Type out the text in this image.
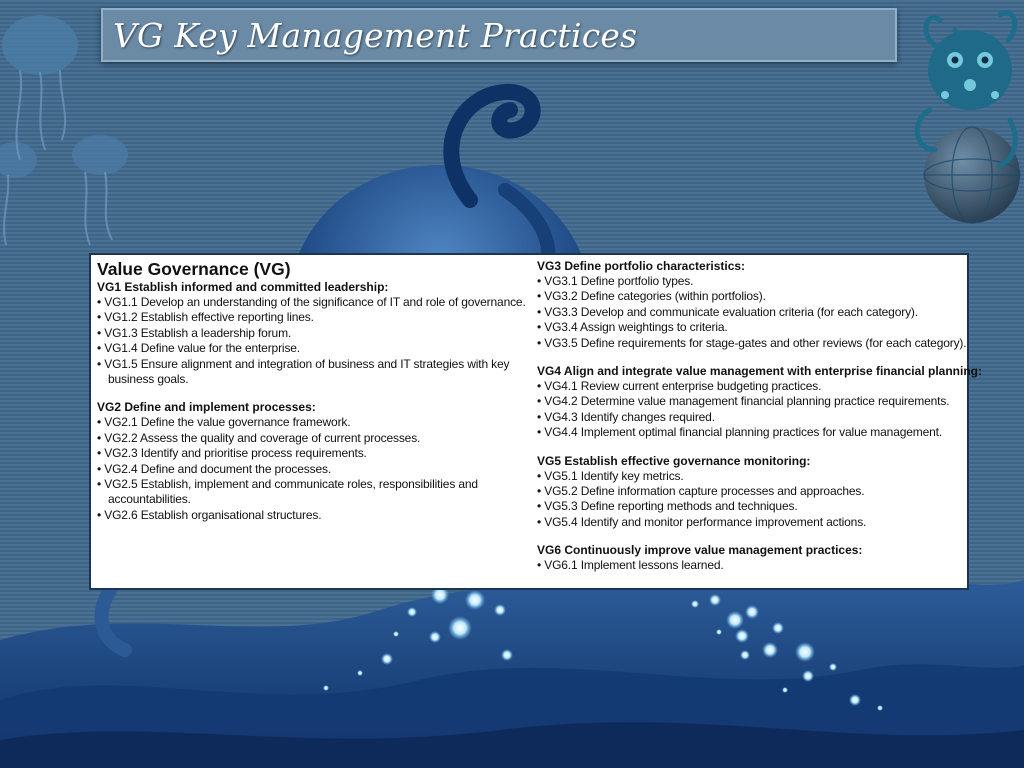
VG Key Management Practices
Value Governance (VG)
VG1 Establish informed and committed leadership:
• VG1.1 Develop an understanding of the significance of IT and role of governance.
• VG1.2 Establish effective reporting lines.
• VG1.3 Establish a leadership forum.
• VG1.4 Define value for the enterprise.
• VG1.5 Ensure alignment and integration of business and IT strategies with key business goals.
VG2 Define and implement processes:
• VG2.1 Define the value governance framework.
• VG2.2 Assess the quality and coverage of current processes.
• VG2.3 Identify and prioritise process requirements.
• VG2.4 Define and document the processes.
• VG2.5 Establish, implement and communicate roles, responsibilities and accountabilities.
• VG2.6 Establish organisational structures.
VG3 Define portfolio characteristics:
• VG3.1 Define portfolio types.
• VG3.2 Define categories (within portfolios).
• VG3.3 Develop and communicate evaluation criteria (for each category).
• VG3.4 Assign weightings to criteria.
• VG3.5 Define requirements for stage-gates and other reviews (for each category).
VG4 Align and integrate value management with enterprise financial planning:
• VG4.1 Review current enterprise budgeting practices.
• VG4.2 Determine value management financial planning practice requirements.
• VG4.3 Identify changes required.
• VG4.4 Implement optimal financial planning practices for value management.
VG5 Establish effective governance monitoring:
• VG5.1 Identify key metrics.
• VG5.2 Define information capture processes and approaches.
• VG5.3 Define reporting methods and techniques.
• VG5.4 Identify and monitor performance improvement actions.
VG6 Continuously improve value management practices:
• VG6.1 Implement lessons learned.
